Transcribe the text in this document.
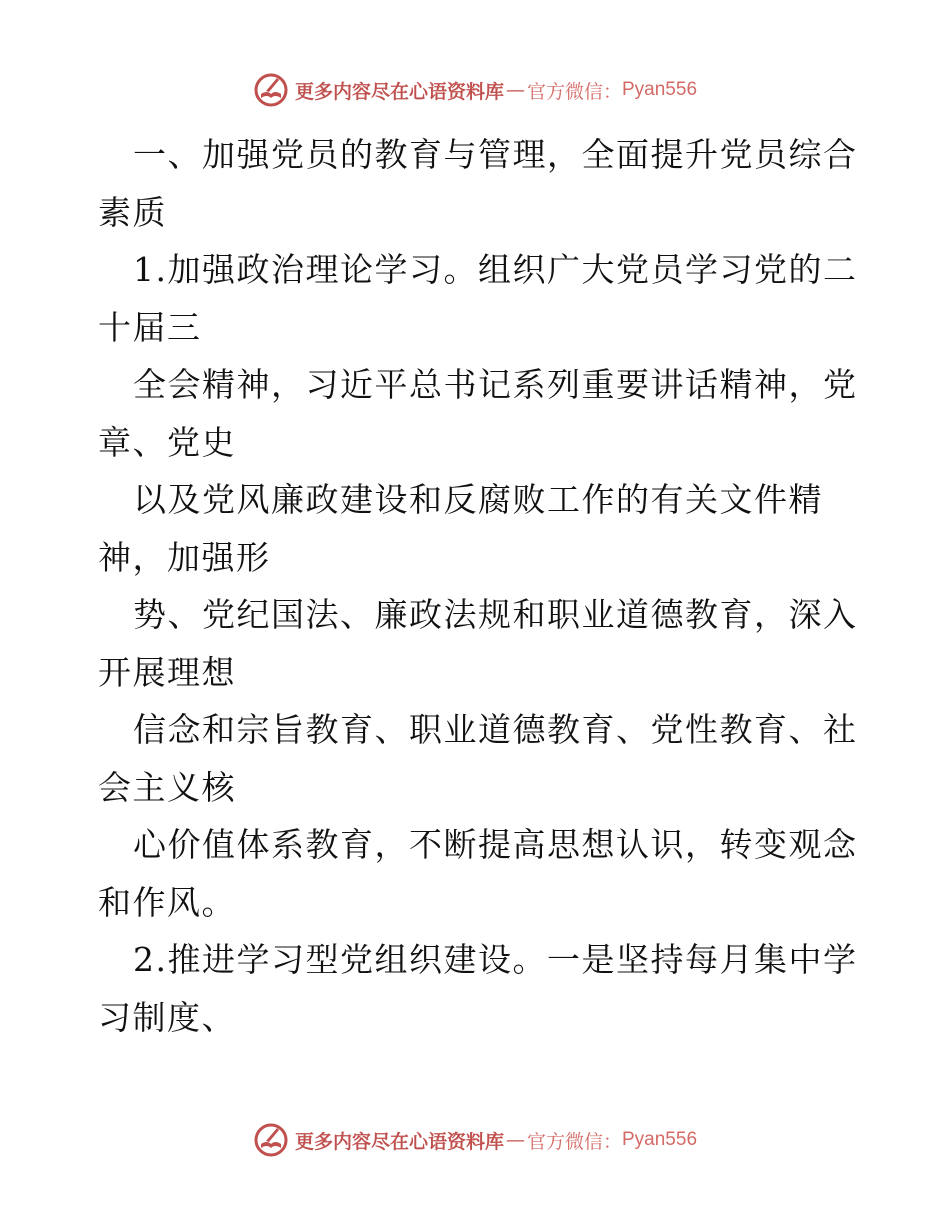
更多内容尽在心语资料库 — 官方微信： Pyan556
一、加强党员的教育与管理，全面提升党员综合
素质
1.加强政治理论学习。组织广大党员学习党的二
十届三
全会精神，习近平总书记系列重要讲话精神，党
章、党史
以及党风廉政建设和反腐败工作的有关文件精
神，加强形
势、党纪国法、廉政法规和职业道德教育，深入
开展理想
信念和宗旨教育、职业道德教育、党性教育、社
会主义核
心价值体系教育，不断提高思想认识，转变观念
和作风。
2.推进学习型党组织建设。一是坚持每月集中学
习制度、
更多内容尽在心语资料库 — 官方微信： Pyan556
